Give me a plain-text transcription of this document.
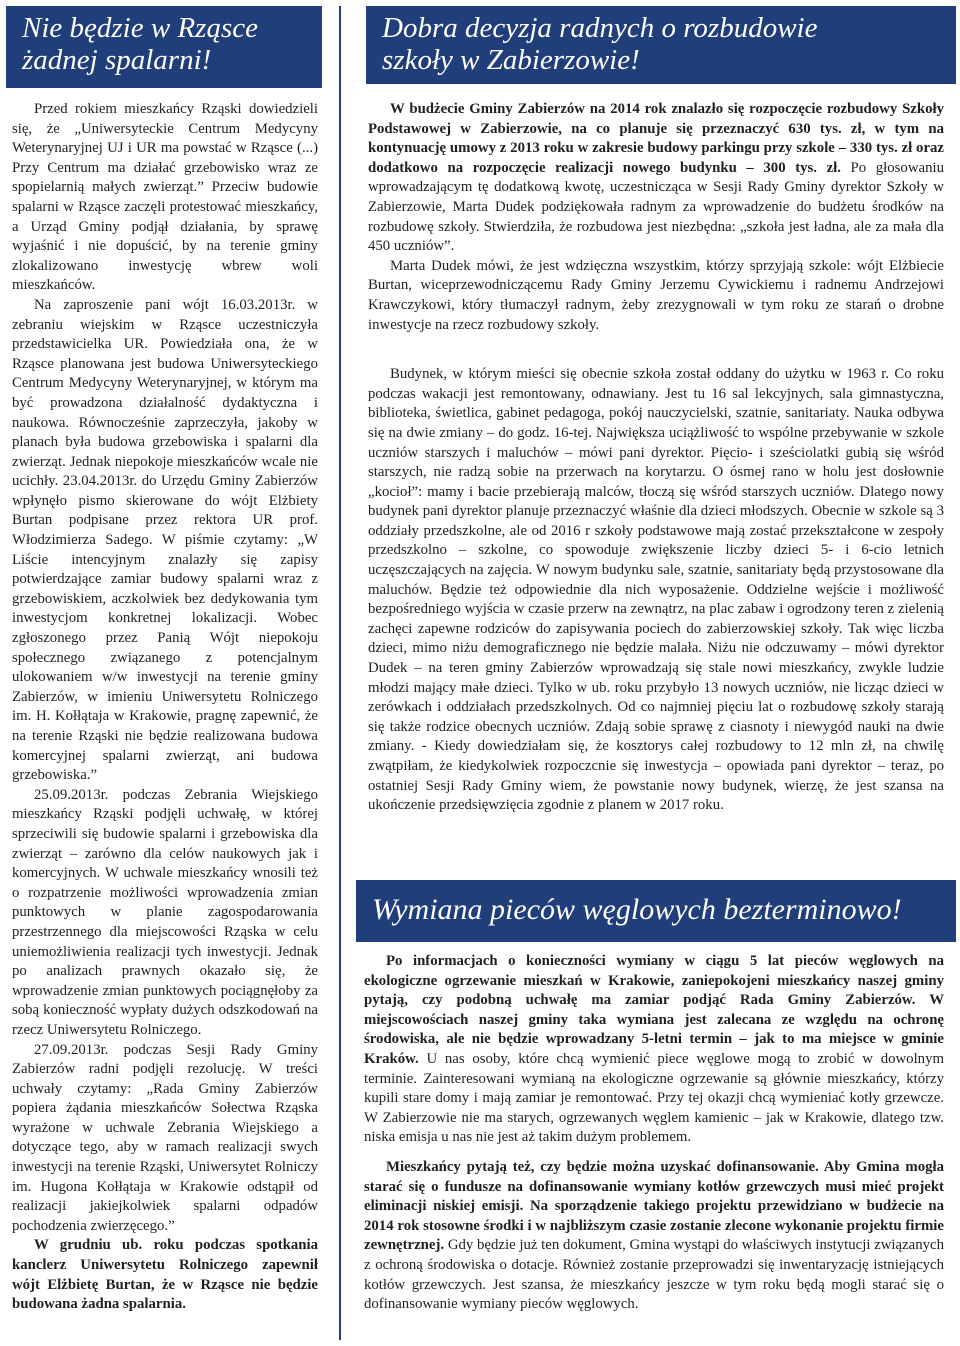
Nie będzie w Rząsce
żadnej spalarni!

Przed rokiem mieszkańcy Rząski dowiedzieli się, że „Uniwersyteckie Centrum Medycyny Weterynaryjnej UJ i UR ma powstać w Rząsce (...) Przy Centrum ma działać grzebowisko wraz ze spopielarnią małych zwierząt.” Przeciw budowie spalarni w Rząsce zaczęli protestować mieszkańcy, a Urząd Gminy podjął działania, by sprawę wyjaśnić i nie dopuścić, by na terenie gminy zlokalizowano inwestycję wbrew woli mieszkańców.

Na zaproszenie pani wójt 16.03.2013r. w zebraniu wiejskim w Rząsce uczestniczyła przedstawicielka UR. Powiedziała ona, że w Rząsce planowana jest budowa Uniwersyteckiego Centrum Medycyny Weterynaryjnej, w którym ma być prowadzona działalność dydaktyczna i naukowa. Równocześnie zaprzeczyła, jakoby w planach była budowa grzebowiska i spalarni dla zwierząt. Jednak niepokoje mieszkańców wcale nie ucichły. 23.04.2013r. do Urzędu Gminy Zabierzów wpłynęło pismo skierowane do wójt Elżbiety Burtan podpisane przez rektora UR prof. Włodzimierza Sadego. W piśmie czytamy: „W Liście intencyjnym znalazły się zapisy potwierdzające zamiar budowy spalarni wraz z grzebowiskiem, aczkolwiek bez dedykowania tym inwestycjom konkretnej lokalizacji. Wobec zgłoszonego przez Panią Wójt niepokoju społecznego związanego z potencjalnym ulokowaniem w/w inwestycji na terenie gminy Zabierzów, w imieniu Uniwersytetu Rolniczego im. H. Kołłątaja w Krakowie, pragnę zapewnić, że na terenie Rząski nie będzie realizowana budowa komercyjnej spalarni zwierząt, ani budowa grzebowiska.”

25.09.2013r. podczas Zebrania Wiejskiego mieszkańcy Rząski podjęli uchwałę, w której sprzeciwili się budowie spalarni i grzebowiska dla zwierząt – zarówno dla celów naukowych jak i komercyjnych. W uchwale mieszkańcy wnosili też o rozpatrzenie możliwości wprowadzenia zmian punktowych w planie zagospodarowania przestrzennego dla miejscowości Rząska w celu uniemożliwienia realizacji tych inwestycji. Jednak po analizach prawnych okazało się, że wprowadzenie zmian punktowych pociągnęłoby za sobą konieczność wypłaty dużych odszkodowań na rzecz Uniwersytetu Rolniczego.

27.09.2013r. podczas Sesji Rady Gminy Zabierzów radni podjęli rezolucję. W treści uchwały czytamy: „Rada Gminy Zabierzów popiera żądania mieszkańców Sołectwa Rząska wyrażone w uchwale Zebrania Wiejskiego a dotyczące tego, aby w ramach realizacji swych inwestycji na terenie Rząski, Uniwersytet Rolniczy im. Hugona Kołłątaja w Krakowie odstąpił od realizacji jakiejkolwiek spalarni odpadów pochodzenia zwierzęcego.”

W grudniu ub. roku podczas spotkania kanclerz Uniwersytetu Rolniczego zapewnił wójt Elżbietę Burtan, że w Rząsce nie będzie budowana żadna spalarnia.

Dobra decyzja radnych o rozbudowie
szkoły w Zabierzowie!

W budżecie Gminy Zabierzów na 2014 rok znalazło się rozpoczęcie rozbudowy Szkoły Podstawowej w Zabierzowie, na co planuje się przeznaczyć 630 tys. zł, w tym na kontynuację umowy z 2013 roku w zakresie budowy parkingu przy szkole – 330 tys. zł oraz dodatkowo na rozpoczęcie realizacji nowego budynku – 300 tys. zł. Po głosowaniu wprowadzającym tę dodatkową kwotę, uczestnicząca w Sesji Rady Gminy dyrektor Szkoły w Zabierzowie, Marta Dudek podziękowała radnym za wprowadzenie do budżetu środków na rozbudowę szkoły. Stwierdziła, że rozbudowa jest niezbędna: „szkoła jest ładna, ale za mała dla 450 uczniów”.

Marta Dudek mówi, że jest wdzięczna wszystkim, którzy sprzyjają szkole: wójt Elżbiecie Burtan, wiceprzewodniczącemu Rady Gminy Jerzemu Cywickiemu i radnemu Andrzejowi Krawczykowi, który tłumaczył radnym, żeby zrezygnowali w tym roku ze starań o drobne inwestycje na rzecz rozbudowy szkoły.

Budynek, w którym mieści się obecnie szkoła został oddany do użytku w 1963 r. Co roku podczas wakacji jest remontowany, odnawiany. Jest tu 16 sal lekcyjnych, sala gimnastyczna, biblioteka, świetlica, gabinet pedagoga, pokój nauczycielski, szatnie, sanitariaty. Nauka odbywa się na dwie zmiany – do godz. 16-tej. Największa uciążliwość to wspólne przebywanie w szkole uczniów starszych i maluchów – mówi pani dyrektor. Pięcio- i sześciolatki gubią się wśród starszych, nie radzą sobie na przerwach na korytarzu. O ósmej rano w holu jest dosłownie „kocioł”: mamy i bacie przebierają malców, tłoczą się wśród starszych uczniów. Dlatego nowy budynek pani dyrektor planuje przeznaczyć właśnie dla dzieci młodszych. Obecnie w szkole są 3 oddziały przedszkolne, ale od 2016 r szkoły podstawowe mają zostać przekształcone w zespoły przedszkolno – szkolne, co spowoduje zwiększenie liczby dzieci 5- i 6-cio letnich uczęszczających na zajęcia. W nowym budynku sale, szatnie, sanitariaty będą przystosowane dla maluchów. Będzie też odpowiednie dla nich wyposażenie. Oddzielne wejście i możliwość bezpośredniego wyjścia w czasie przerw na zewnątrz, na plac zabaw i ogrodzony teren z zielenią zachęci zapewne rodziców do zapisywania pociech do zabierzowskiej szkoły. Tak więc liczba dzieci, mimo niżu demograficznego nie będzie malała. Niżu nie odczuwamy – mówi dyrektor Dudek – na teren gminy Zabierzów wprowadzają się stale nowi mieszkańcy, zwykle ludzie młodzi mający małe dzieci. Tylko w ub. roku przybyło 13 nowych uczniów, nie licząc dzieci w zerówkach i oddziałach przedszkolnych. Od co najmniej pięciu lat o rozbudowę szkoły starają się także rodzice obecnych uczniów. Zdają sobie sprawę z ciasnoty i niewygód nauki na dwie zmiany. - Kiedy dowiedziałam się, że kosztorys całej rozbudowy to 12 mln zł, na chwilę zwątpiłam, że kiedykolwiek rozpoczcnie się inwestycja – opowiada pani dyrektor – teraz, po ostatniej Sesji Rady Gminy wiem, że powstanie nowy budynek, wierzę, że jest szansa na ukończenie przedsięwzięcia zgodnie z planem w 2017 roku.

Wymiana pieców węglowych bezterminowo!

Po informacjach o konieczności wymiany w ciągu 5 lat pieców węglowych na ekologiczne ogrzewanie mieszkań w Krakowie, zaniepokojeni mieszkańcy naszej gminy pytają, czy podobną uchwałę ma zamiar podjąć Rada Gminy Zabierzów. W miejscowościach naszej gminy taka wymiana jest zalecana ze względu na ochronę środowiska, ale nie będzie wprowadzany 5-letni termin – jak to ma miejsce w gminie Kraków. U nas osoby, które chcą wymienić piece węglowe mogą to zrobić w dowolnym terminie. Zainteresowani wymianą na ekologiczne ogrzewanie są głównie mieszkańcy, którzy kupili stare domy i mają zamiar je remontować. Przy tej okazji chcą wymieniać kotły grzewcze. W Zabierzowie nie ma starych, ogrzewanych węglem kamienic – jak w Krakowie, dlatego tzw. niska emisja u nas nie jest aż takim dużym problemem.

Mieszkańcy pytają też, czy będzie można uzyskać dofinansowanie. Aby Gmina mogła starać się o fundusze na dofinansowanie wymiany kotłów grzewczych musi mieć projekt eliminacji niskiej emisji. Na sporządzenie takiego projektu przewidziano w budżecie na 2014 rok stosowne środki i w najbliższym czasie zostanie zlecone wykonanie projektu firmie zewnętrznej. Gdy będzie już ten dokument, Gmina wystąpi do właściwych instytucji związanych z ochroną środowiska o dotacje. Również zostanie przeprowadzi się inwentaryzację istniejących kotłów grzewczych. Jest szansa, że mieszkańcy jeszcze w tym roku będą mogli starać się o dofinansowanie wymiany pieców węglowych.
